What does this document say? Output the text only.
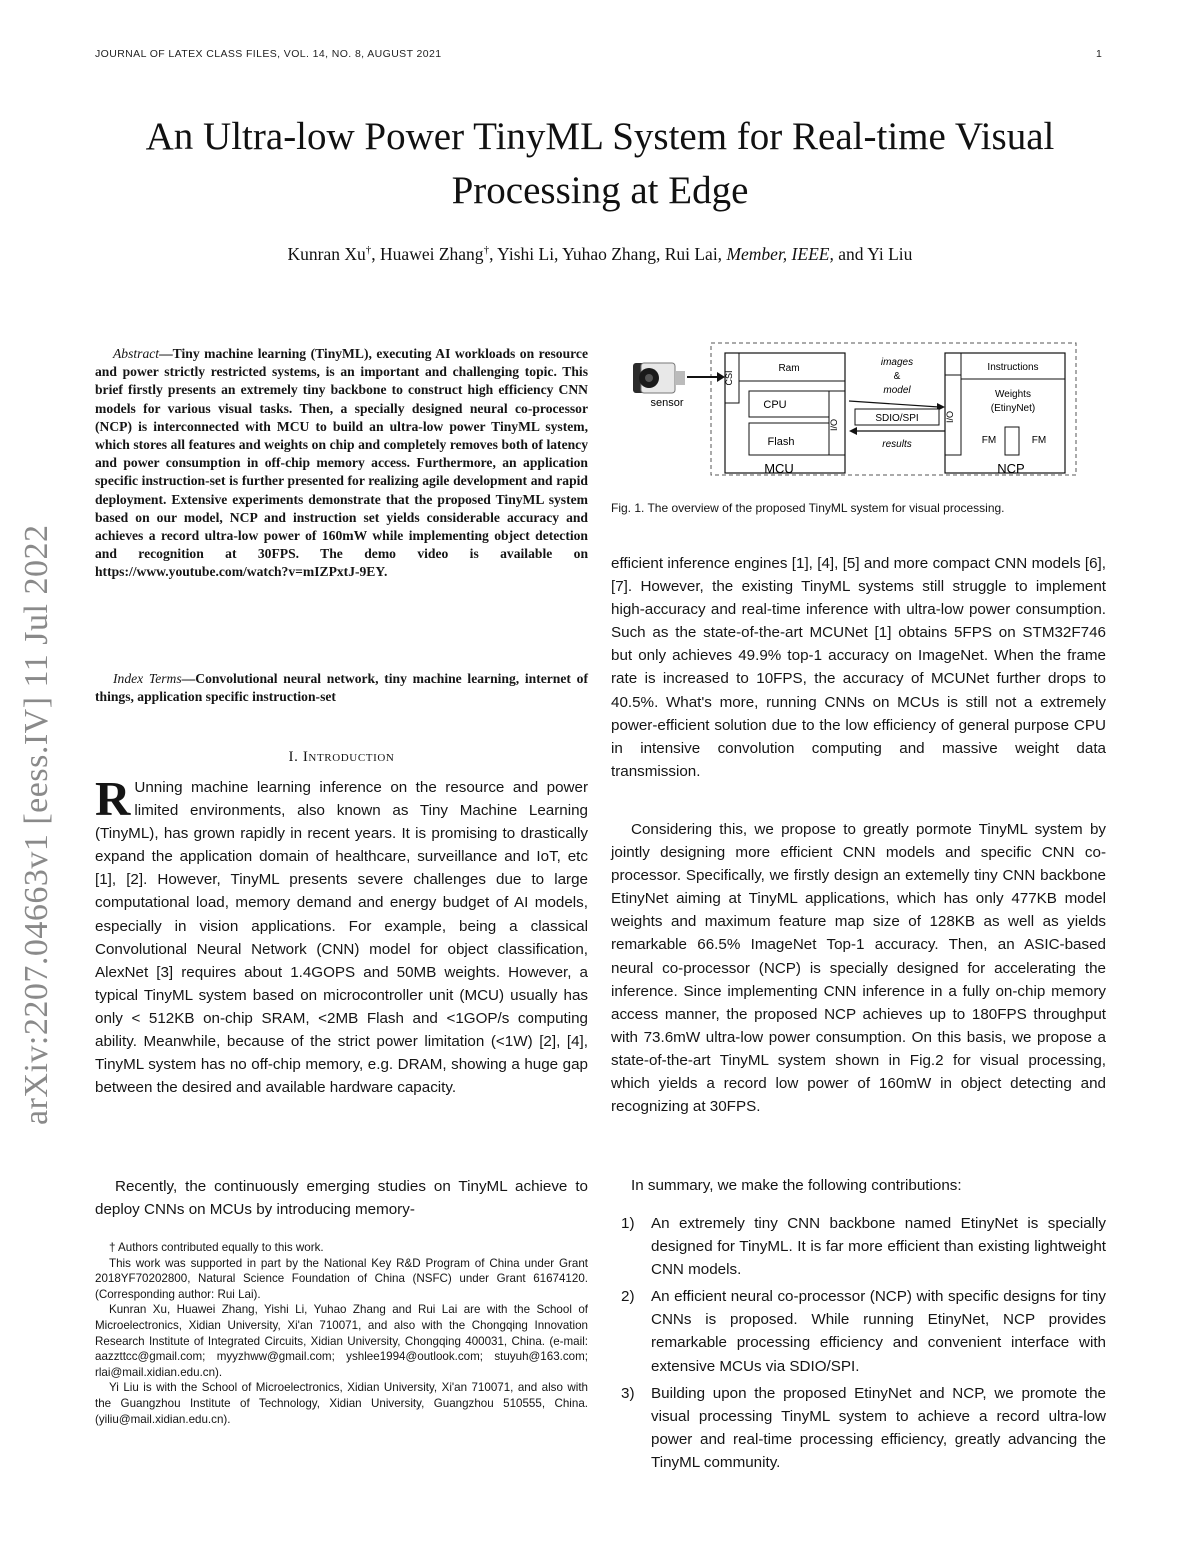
JOURNAL OF LATEX CLASS FILES, VOL. 14, NO. 8, AUGUST 2021	1
arXiv:2207.04663v1 [eess.IV] 11 Jul 2022
An Ultra-low Power TinyML System for Real-time Visual Processing at Edge
Kunran Xu†, Huawei Zhang†, Yishi Li, Yuhao Zhang, Rui Lai, Member, IEEE, and Yi Liu
Abstract—Tiny machine learning (TinyML), executing AI workloads on resource and power strictly restricted systems, is an important and challenging topic. This brief firstly presents an extremely tiny backbone to construct high efficiency CNN models for various visual tasks. Then, a specially designed neural co-processor (NCP) is interconnected with MCU to build an ultra-low power TinyML system, which stores all features and weights on chip and completely removes both of latency and power consumption in off-chip memory access. Furthermore, an application specific instruction-set is further presented for realizing agile development and rapid deployment. Extensive experiments demonstrate that the proposed TinyML system based on our model, NCP and instruction set yields considerable accuracy and achieves a record ultra-low power of 160mW while implementing object detection and recognition at 30FPS. The demo video is available on https://www.youtube.com/watch?v=mIZPxtJ-9EY.
Index Terms—Convolutional neural network, tiny machine learning, internet of things, application specific instruction-set
I. Introduction
R Unning machine learning inference on the resource and power limited environments, also known as Tiny Machine Learning (TinyML), has grown rapidly in recent years. It is promising to drastically expand the application domain of healthcare, surveillance and IoT, etc [1], [2]. However, TinyML presents severe challenges due to large computational load, memory demand and energy budget of AI models, especially in vision applications. For example, being a classical Convolutional Neural Network (CNN) model for object classification, AlexNet [3] requires about 1.4GOPS and 50MB weights. However, a typical TinyML system based on microcontroller unit (MCU) usually has only < 512KB on-chip SRAM, <2MB Flash and <1GOP/s computing ability. Meanwhile, because of the strict power limitation (<1W) [2], [4], TinyML system has no off-chip memory, e.g. DRAM, showing a huge gap between the desired and available hardware capacity.
Recently, the continuously emerging studies on TinyML achieve to deploy CNNs on MCUs by introducing memory-

† Authors contributed equally to this work.

This work was supported in part by the National Key R&D Program of China under Grant 2018YF70202800, Natural Science Foundation of China (NSFC) under Grant 61674120. (Corresponding author: Rui Lai).

Kunran Xu, Huawei Zhang, Yishi Li, Yuhao Zhang and Rui Lai are with the School of Microelectronics, Xidian University, Xi'an 710071, and also with the Chongqing Innovation Research Institute of Integrated Circuits, Xidian University, Chongqing 400031, China. (e-mail: aazzttcc@gmail.com; myyzhww@gmail.com; yshlee1994@outlook.com; stuyuh@163.com; rlai@mail.xidian.edu.cn).

Yi Liu is with the School of Microelectronics, Xidian University, Xi'an 710071, and also with the Guangzhou Institute of Technology, Xidian University, Guangzhou 510555, China. (yiliu@mail.xidian.edu.cn).

sensor
CSI
Ram
CPU
Flash
I/O
MCU
images
&
model
SDIO/SPI
results
I/O
Instructions
Weights
(EtinyNet)
FM	FM
NCP
Fig. 1. The overview of the proposed TinyML system for visual processing.
efficient inference engines [1], [4], [5] and more compact CNN models [6], [7]. However, the existing TinyML systems still struggle to implement high-accuracy and real-time inference with ultra-low power consumption. Such as the state-of-the-art MCUNet [1] obtains 5FPS on STM32F746 but only achieves 49.9% top-1 accuracy on ImageNet. When the frame rate is increased to 10FPS, the accuracy of MCUNet further drops to 40.5%. What's more, running CNNs on MCUs is still not a extremely power-efficient solution due to the low efficiency of general purpose CPU in intensive convolution computing and massive weight data transmission.
Considering this, we propose to greatly pormote TinyML system by jointly designing more efficient CNN models and specific CNN co-processor. Specifically, we firstly design an extemelly tiny CNN backbone EtinyNet aiming at TinyML applications, which has only 477KB model weights and maximum feature map size of 128KB as well as yields remarkable 66.5% ImageNet Top-1 accuracy. Then, an ASIC-based neural co-processor (NCP) is specially designed for accelerating the inference. Since implementing CNN inference in a fully on-chip memory access manner, the proposed NCP achieves up to 180FPS throughput with 73.6mW ultra-low power consumption. On this basis, we propose a state-of-the-art TinyML system shown in Fig.2 for visual processing, which yields a record low power of 160mW in object detecting and recognizing at 30FPS.
In summary, we make the following contributions:
1) An extremely tiny CNN backbone named EtinyNet is specially designed for TinyML. It is far more efficient than existing lightweight CNN models.
2) An efficient neural co-processor (NCP) with specific designs for tiny CNNs is proposed. While running EtinyNet, NCP provides remarkable processing efficiency and convenient interface with extensive MCUs via SDIO/SPI.
3) Building upon the proposed EtinyNet and NCP, we promote the visual processing TinyML system to achieve a record ultra-low power and real-time processing efficiency, greatly advancing the TinyML community.
